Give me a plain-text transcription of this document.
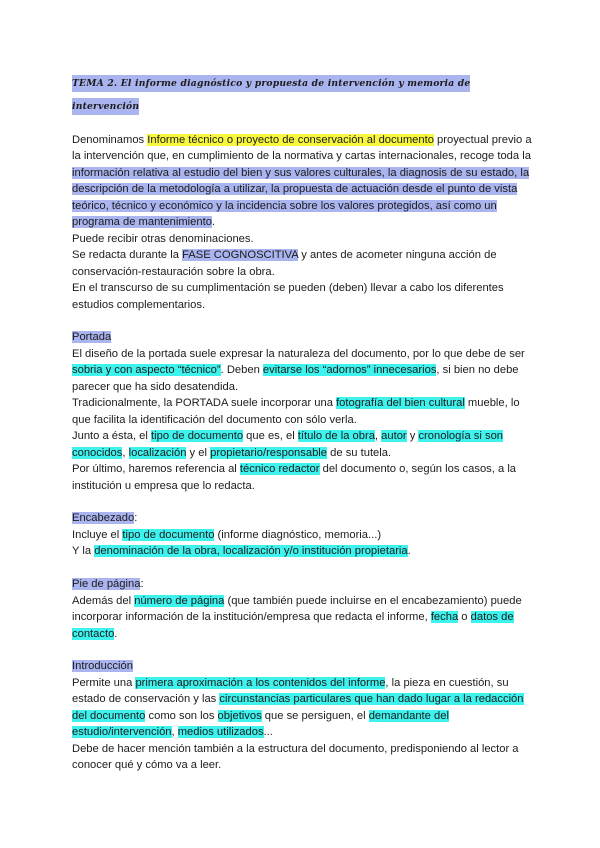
TEMA 2. El informe diagnóstico y propuesta de intervención y memoria de intervención

Denominamos Informe técnico o proyecto de conservación al documento proyectual previo a la intervención que, en cumplimiento de la normativa y cartas internacionales, recoge toda la información relativa al estudio del bien y sus valores culturales, la diagnosis de su estado, la descripción de la metodología a utilizar, la propuesta de actuación desde el punto de vista teórico, técnico y económico y la incidencia sobre los valores protegidos, así como un programa de mantenimiento.

Puede recibir otras denominaciones.

Se redacta durante la FASE COGNOSCITIVA y antes de acometer ninguna acción de conservación-restauración sobre la obra.

En el transcurso de su cumplimentación se pueden (deben) llevar a cabo los diferentes estudios complementarios.

Portada

El diseño de la portada suele expresar la naturaleza del documento, por lo que debe de ser sobria y con aspecto “técnico”. Deben evitarse los “adornos” innecesarios, si bien no debe parecer que ha sido desatendida.

Tradicionalmente, la PORTADA suele incorporar una fotografía del bien cultural mueble, lo que facilita la identificación del documento con sólo verla.

Junto a ésta, el tipo de documento que es, el título de la obra, autor y cronología si son conocidos, localización y el propietario/responsable de su tutela.

Por último, haremos referencia al técnico redactor del documento o, según los casos, a la institución u empresa que lo redacta.

Encabezado:

Incluye el tipo de documento (informe diagnóstico, memoria...)

Y la denominación de la obra, localización y/o institución propietaria.

Pie de página:

Además del número de página (que también puede incluirse en el encabezamiento) puede incorporar información de la institución/empresa que redacta el informe, fecha o datos de contacto.

Introducción

Permite una primera aproximación a los contenidos del informe, la pieza en cuestión, su estado de conservación y las circunstancias particulares que han dado lugar a la redacción del documento como son los objetivos que se persiguen, el demandante del estudio/intervención, medios utilizados...

Debe de hacer mención también a la estructura del documento, predisponiendo al lector a conocer qué y cómo va a leer.
